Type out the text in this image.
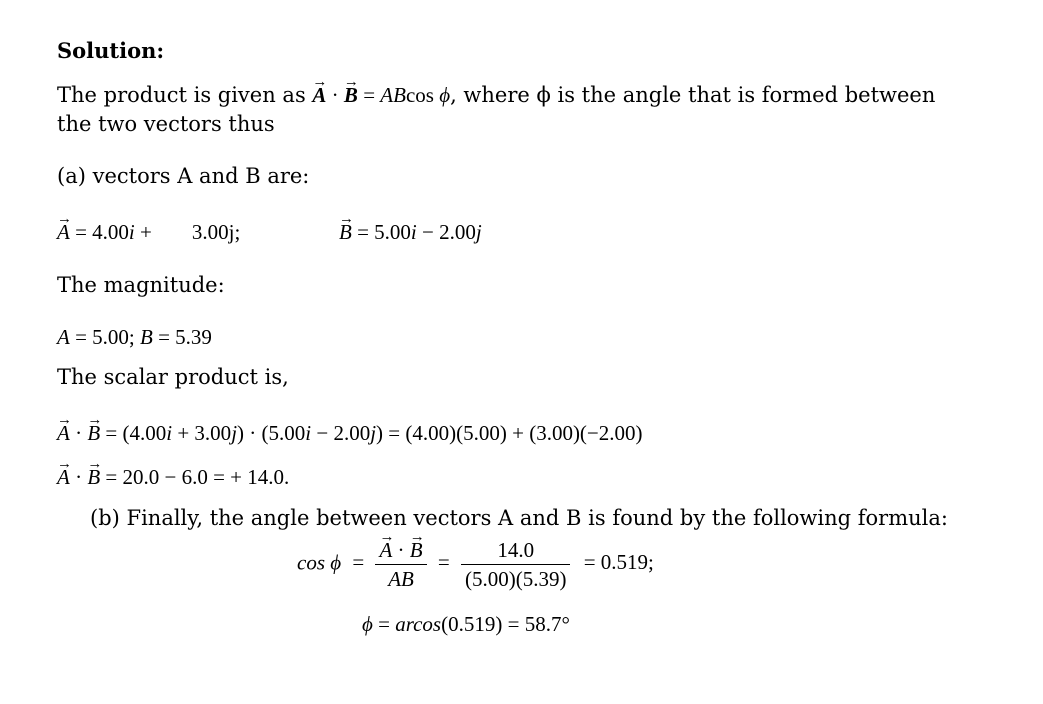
Solution:
The product is given as → A · → B = ABcos ϕ, where ϕ is the angle that is formed between
the two vectors thus
(a) vectors A and B are:
→ A = 4.00i + 3.00j;	→ B = 5.00i − 2.00j
The magnitude:
A = 5.00; B = 5.39
The scalar product is,
→ A · → B = (4.00i + 3.00j) · (5.00i − 2.00j) = (4.00)(5.00) + (3.00)(−2.00)
→ A · → B = 20.0 − 6.0 = + 14.0.
(b) Finally, the angle between vectors A and B is found by the following formula:
cos ϕ = → $\frac{A \cdot \to B}{AB} = \frac{14.0}{(5.00)(5.39)} = 0.519$;
ϕ = arcos(0.519) = 58.7°
